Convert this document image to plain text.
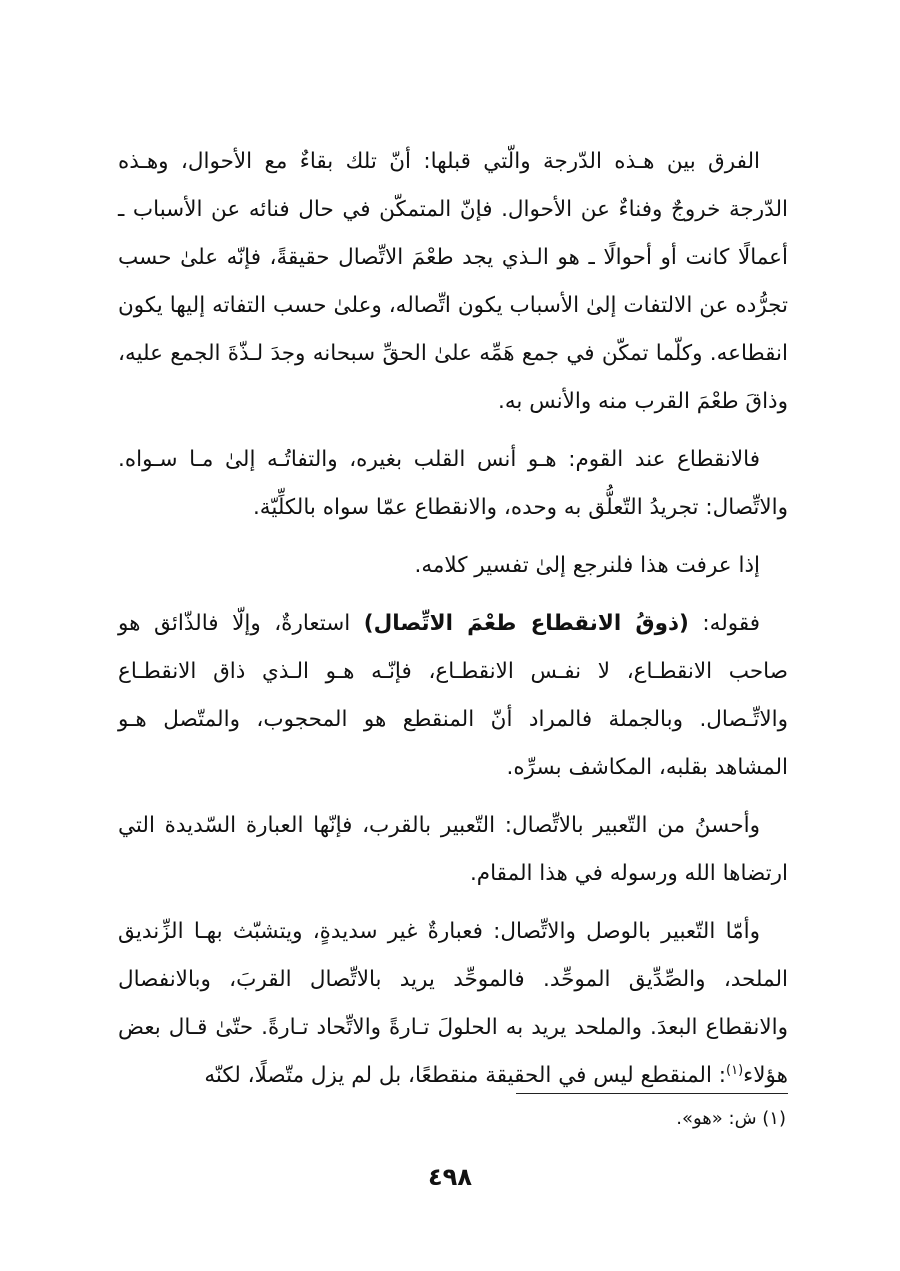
الفرق بين هـذه الدّرجة والّتي قبلها: أنّ تلك بقاءٌ مع الأحوال، وهـذه الدّرجة خروجٌ وفناءٌ عن الأحوال. فإنّ المتمكّن في حال فنائه عن الأسباب ـ أعمالًا كانت أو أحوالًا ـ هو الـذي يجد طعْمَ الاتِّصال حقيقةً، فإنّه علىٰ حسب تجرُّده عن الالتفات إلىٰ الأسباب يكون اتِّصاله، وعلىٰ حسب التفاته إليها يكون انقطاعه. وكلّما تمكّن في جمع هَمِّه علىٰ الحقِّ سبحانه وجدَ لـذّةَ الجمع عليه، وذاقَ طعْمَ القرب منه والأنس به.

فالانقطاع عند القوم: هـو أنس القلب بغيره، والتفاتُـه إلىٰ مـا سـواه. والاتِّصال: تجريدُ التّعلُّق به وحده، والانقطاع عمّا سواه بالكلِّيّة.

إذا عرفت هذا فلنرجع إلىٰ تفسير كلامه.

فقوله: (ذوقُ الانقطاع طعْمَ الاتِّصال) استعارةٌ، وإلّا فالذّائق هو صاحب الانقطـاع، لا نفـس الانقطـاع، فإنّـه هـو الـذي ذاق الانقطـاع والاتِّـصال. وبالجملة فالمراد أنّ المنقطع هو المحجوب، والمتّصل هـو المشاهد بقلبه، المكاشف بسرِّه.

وأحسنُ من التّعبير بالاتِّصال: التّعبير بالقرب، فإنّها العبارة السّديدة التي ارتضاها الله ورسوله في هذا المقام.

وأمّا التّعبير بالوصل والاتِّصال: فعبارةٌ غير سديدةٍ، ويتشبّث بهـا الزِّنديق الملحد، والصِّدِّيق الموحِّد. فالموحِّد يريد بالاتِّصال القربَ، وبالانفصال والانقطاع البعدَ. والملحد يريد به الحلولَ تـارةً والاتِّحاد تـارةً. حتّىٰ قـال بعض هؤلاء$^{(١)}$: المنقطع ليس في الحقيقة منقطعًا، بل لم يزل متّصلًا، لكنّه

(١) ش: «هو».
٤٩٨
